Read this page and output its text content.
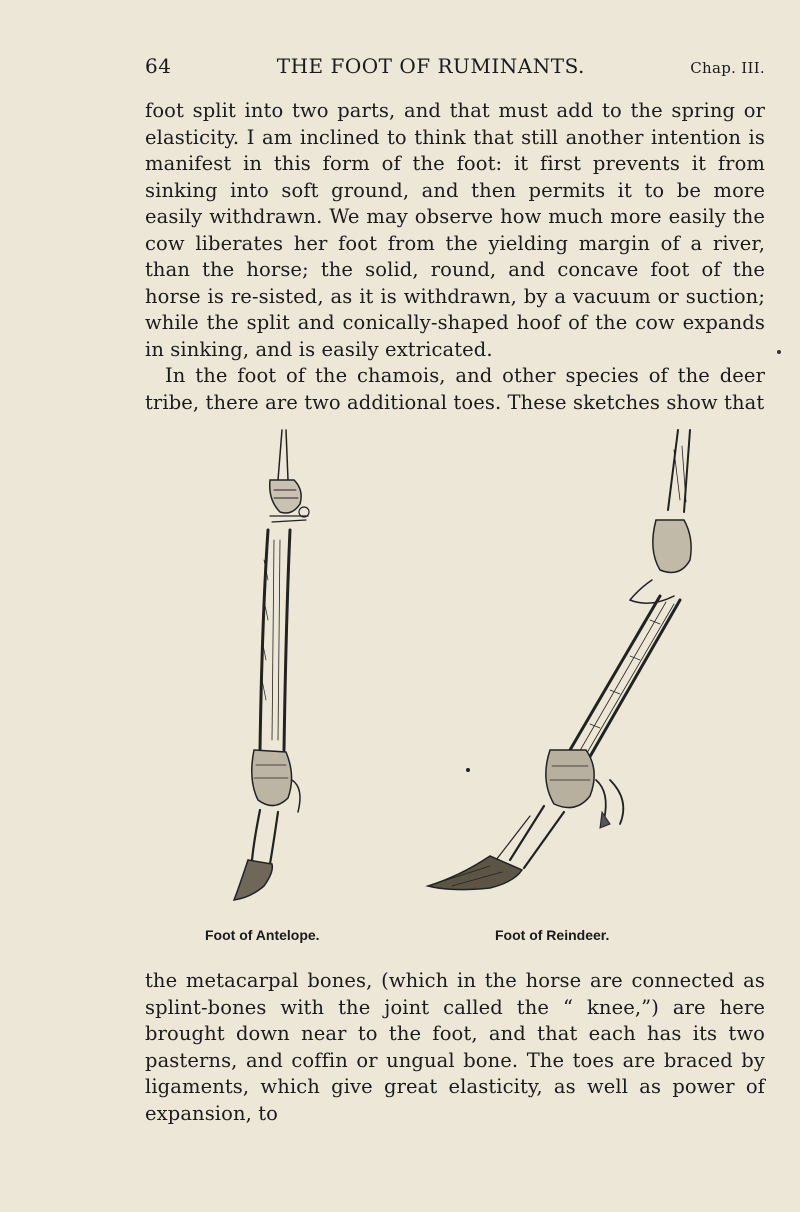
64	THE FOOT OF RUMINANTS.	Chap. III.

foot split into two parts, and that must add to the spring or elasticity. I am inclined to think that still another intention is manifest in this form of the foot: it first prevents it from sinking into soft ground, and then permits it to be more easily withdrawn. We may observe how much more easily the cow liberates her foot from the yielding margin of a river, than the horse; the solid, round, and concave foot of the horse is re-sisted, as it is withdrawn, by a vacuum or suction; while the split and conically-shaped hoof of the cow expands in sinking, and is easily extricated.

In the foot of the chamois, and other species of the deer tribe, there are two additional toes. These sketches show that

Foot of Antelope.	Foot of Reindeer.

the metacarpal bones, (which in the horse are connected as splint-bones with the joint called the “ knee,”) are here brought down near to the foot, and that each has its two pasterns, and coffin or ungual bone. The toes are braced by ligaments, which give great elasticity, as well as power of expansion, to
